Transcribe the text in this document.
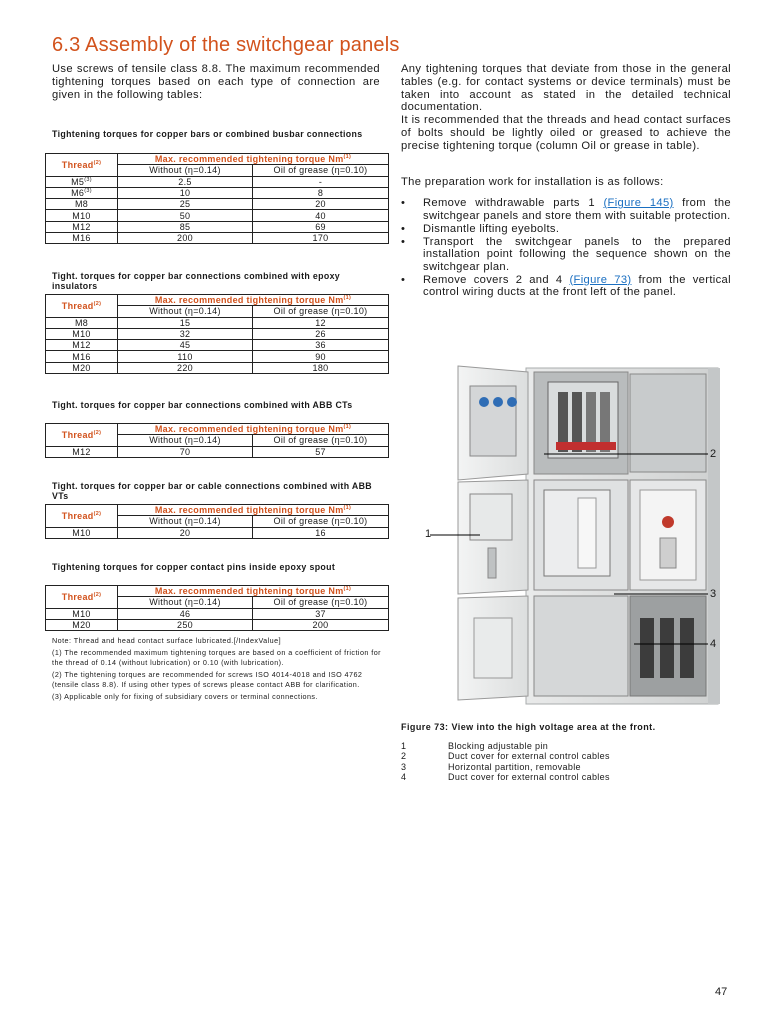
6.3 Assembly of the switchgear panels
Use screws of tensile class 8.8. The maximum recommended tightening torques based on each type of connection are given in the following tables:
Tightening torques for copper bars or combined busbar connections
Thread$^{(2)}$	Max. recommended tightening torque Nm$^{(1)}$
	Without (η=0.14)	Oil of grease (η=0.10)
M5$^{(3)}$	2.5	-
M6$^{(3)}$	10	8
M8	25	20
M10	50	40
M12	85	69
M16	200	170
Tight. torques for copper bar connections combined with epoxy insulators
Thread$^{(2)}$	Max. recommended tightening torque Nm$^{(1)}$
	Without (η=0.14)	Oil of grease (η=0.10)
M8	15	12
M10	32	26
M12	45	36
M16	110	90
M20	220	180
Tight. torques for copper bar connections combined with ABB CTs
Thread$^{(2)}$	Max. recommended tightening torque Nm$^{(1)}$
	Without (η=0.14)	Oil of grease (η=0.10)
M12	70	57
Tight. torques for copper bar or cable connections combined with ABB VTs
Thread$^{(2)}$	Max. recommended tightening torque Nm$^{(1)}$
	Without (η=0.14)	Oil of grease (η=0.10)
M10	20	16
Tightening torques for copper contact pins inside epoxy spout
Thread$^{(2)}$	Max. recommended tightening torque Nm$^{(1)}$
	Without (η=0.14)	Oil of grease (η=0.10)
M10	46	37
M20	250	200

Note: Thread and head contact surface lubricated.[/IndexValue]

(1) The recommended maximum tightening torques are based on a coefficient of friction for the thread of 0.14 (without lubrication) or 0.10 (with lubrication).

(2) The tightening torques are recommended for screws ISO 4014-4018 and ISO 4762 (tensile class 8.8). If using other types of screws please contact ABB for clarification.

(3) Applicable only for fixing of subsidiary covers or terminal connections.

Any tightening torques that deviate from those in the general tables (e.g. for contact systems or device terminals) must be taken into account as stated in the detailed technical documentation.

It is recommended that the threads and head contact surfaces of bolts should be lightly oiled or greased to achieve the precise tightening torque (column Oil or grease in table).

The preparation work for installation is as follows:
• Remove withdrawable parts 1 (Figure 145) from the switchgear panels and store them with suitable protection.
• Dismantle lifting eyebolts.
• Transport the switchgear panels to the prepared installation point following the sequence shown on the switchgear plan.
• Remove covers 2 and 4 (Figure 73) from the vertical control wiring ducts at the front left of the panel.
1
2
3
4
Figure 73: View into the high voltage area at the front.
1	Blocking adjustable pin
2	Duct cover for external control cables
3	Horizontal partition, removable
4	Duct cover for external control cables
47
